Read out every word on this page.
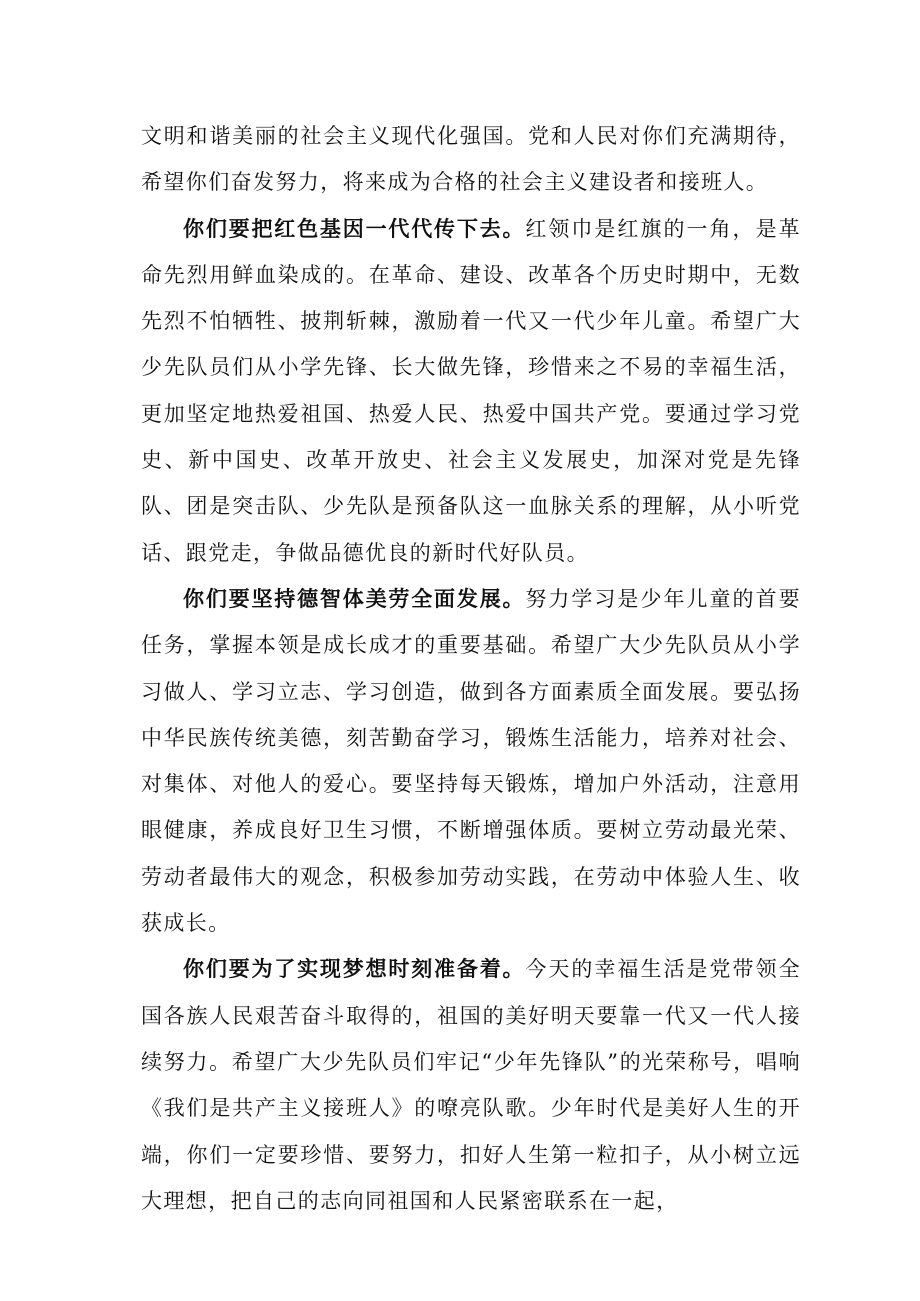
文明和谐美丽的社会主义现代化强国。党和人民对你们充满期待，希望你们奋发努力，将来成为合格的社会主义建设者和接班人。

你们要把红色基因一代代传下去。红领巾是红旗的一角，是革命先烈用鲜血染成的。在革命、建设、改革各个历史时期中，无数先烈不怕牺牲、披荆斩棘，激励着一代又一代少年儿童。希望广大少先队员们从小学先锋、长大做先锋，珍惜来之不易的幸福生活，更加坚定地热爱祖国、热爱人民、热爱中国共产党。要通过学习党史、新中国史、改革开放史、社会主义发展史，加深对党是先锋队、团是突击队、少先队是预备队这一血脉关系的理解，从小听党话、跟党走，争做品德优良的新时代好队员。

你们要坚持德智体美劳全面发展。努力学习是少年儿童的首要任务，掌握本领是成长成才的重要基础。希望广大少先队员从小学习做人、学习立志、学习创造，做到各方面素质全面发展。要弘扬中华民族传统美德，刻苦勤奋学习，锻炼生活能力，培养对社会、对集体、对他人的爱心。要坚持每天锻炼，增加户外活动，注意用眼健康，养成良好卫生习惯，不断增强体质。要树立劳动最光荣、劳动者最伟大的观念，积极参加劳动实践，在劳动中体验人生、收获成长。

你们要为了实现梦想时刻准备着。今天的幸福生活是党带领全国各族人民艰苦奋斗取得的，祖国的美好明天要靠一代又一代人接续努力。希望广大少先队员们牢记“少年先锋队”的光荣称号，唱响《我们是共产主义接班人》的嘹亮队歌。少年时代是美好人生的开端，你们一定要珍惜、要努力，扣好人生第一粒扣子，从小树立远大理想，把自己的志向同祖国和人民紧密联系在一起，
